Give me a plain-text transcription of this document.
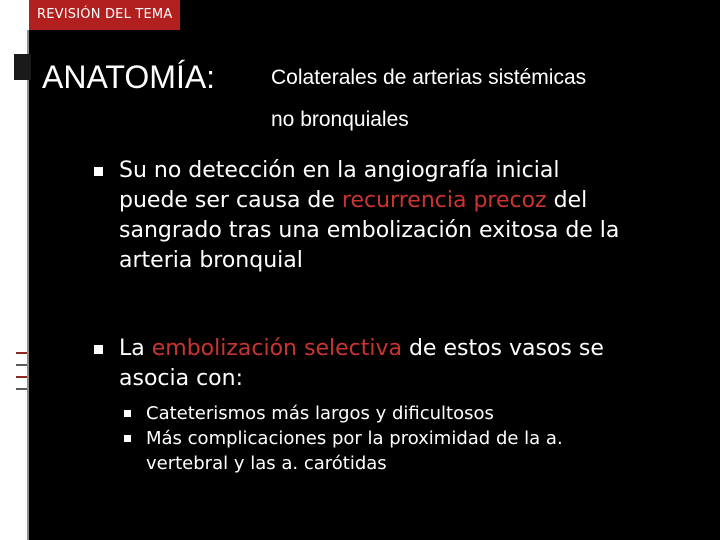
REVISIÓN DEL TEMA
ANATOMÍA:	Colaterales de arterias sistémicas
no bronquiales
Su no detección en la angiografía inicial
puede ser causa de recurrencia precoz del
sangrado tras una embolización exitosa de la
arteria bronquial
La embolización selectiva de estos vasos se
asocia con:
Cateterismos más largos y dificultosos
Más complicaciones por la proximidad de la a.
vertebral y las a. carótidas
